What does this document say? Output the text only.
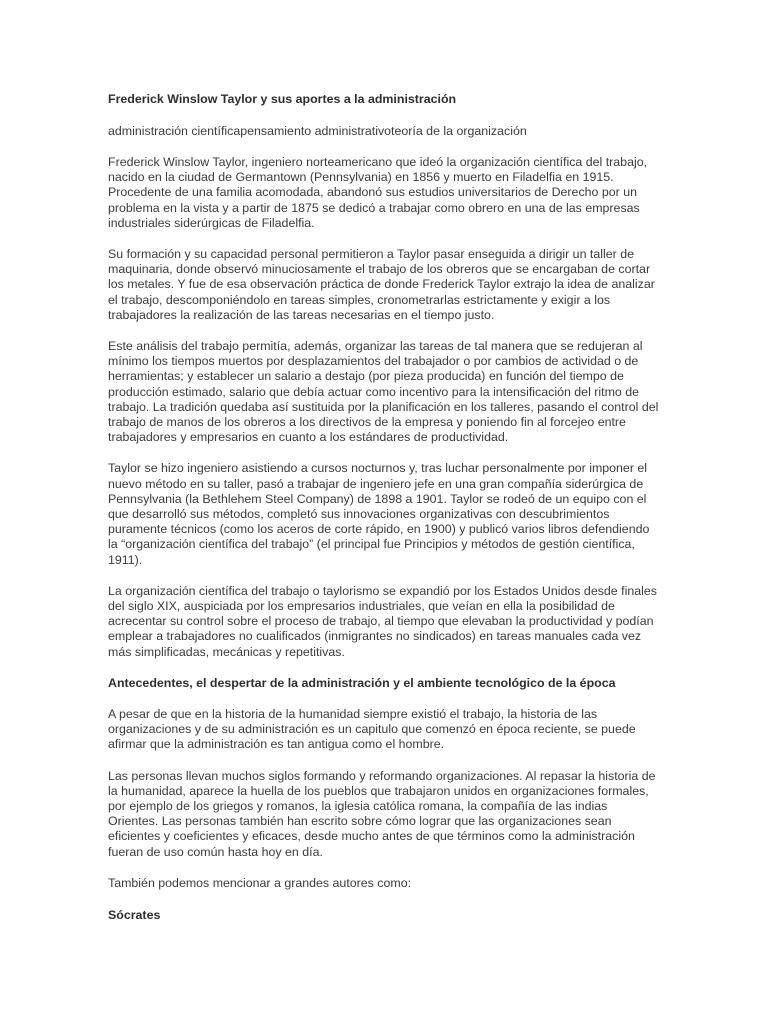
Frederick Winslow Taylor y sus aportes a la administración

administración científicapensamiento administrativoteoría de la organización

Frederick Winslow Taylor, ingeniero norteamericano que ideó la organización científica del trabajo, nacido en la ciudad de Germantown (Pennsylvania) en 1856 y muerto en Filadelfia en 1915. Procedente de una familia acomodada, abandonó sus estudios universitarios de Derecho por un problema en la vista y a partir de 1875 se dedicó a trabajar como obrero en una de las empresas industriales siderúrgicas de Filadelfia.

Su formación y su capacidad personal permitieron a Taylor pasar enseguida a dirigir un taller de maquinaria, donde observó minuciosamente el trabajo de los obreros que se encargaban de cortar los metales. Y fue de esa observación práctica de donde Frederick Taylor extrajo la idea de analizar el trabajo, descomponiéndolo en tareas simples, cronometrarlas estrictamente y exigir a los trabajadores la realización de las tareas necesarias en el tiempo justo.

Este análisis del trabajo permitía, además, organizar las tareas de tal manera que se redujeran al mínimo los tiempos muertos por desplazamientos del trabajador o por cambios de actividad o de herramientas; y establecer un salario a destajo (por pieza producida) en función del tiempo de producción estimado, salario que debía actuar como incentivo para la intensificación del ritmo de trabajo. La tradición quedaba así sustituida por la planificación en los talleres, pasando el control del trabajo de manos de los obreros a los directivos de la empresa y poniendo fin al forcejeo entre trabajadores y empresarios en cuanto a los estándares de productividad.

Taylor se hizo ingeniero asistiendo a cursos nocturnos y, tras luchar personalmente por imponer el nuevo método en su taller, pasó a trabajar de ingeniero jefe en una gran compañía siderúrgica de Pennsylvania (la Bethlehem Steel Company) de 1898 a 1901. Taylor se rodeó de un equipo con el que desarrolló sus métodos, completó sus innovaciones organizativas con descubrimientos puramente técnicos (como los aceros de corte rápido, en 1900) y publicó varios libros defendiendo la “organización científica del trabajo” (el principal fue Principios y métodos de gestión científica, 1911).

La organización científica del trabajo o taylorismo se expandió por los Estados Unidos desde finales del siglo XIX, auspiciada por los empresarios industriales, que veían en ella la posibilidad de acrecentar su control sobre el proceso de trabajo, al tiempo que elevaban la productividad y podían emplear a trabajadores no cualificados (inmigrantes no sindicados) en tareas manuales cada vez más simplificadas, mecánicas y repetitivas.

Antecedentes, el despertar de la administración y el ambiente tecnológico de la época

A pesar de que en la historia de la humanidad siempre existió el trabajo, la historia de las organizaciones y de su administración es un capitulo que comenzó en época reciente, se puede afirmar que la administración es tan antigua como el hombre.

Las personas llevan muchos siglos formando y reformando organizaciones. Al repasar la historia de la humanidad, aparece la huella de los pueblos que trabajaron unidos en organizaciones formales, por ejemplo de los griegos y romanos, la iglesia católica romana, la compañía de las indias Orientes. Las personas también han escrito sobre cómo lograr que las organizaciones sean eficientes y coeficientes y eficaces, desde mucho antes de que términos como la administración fueran de uso común hasta hoy en día.

También podemos mencionar a grandes autores como:

Sócrates
